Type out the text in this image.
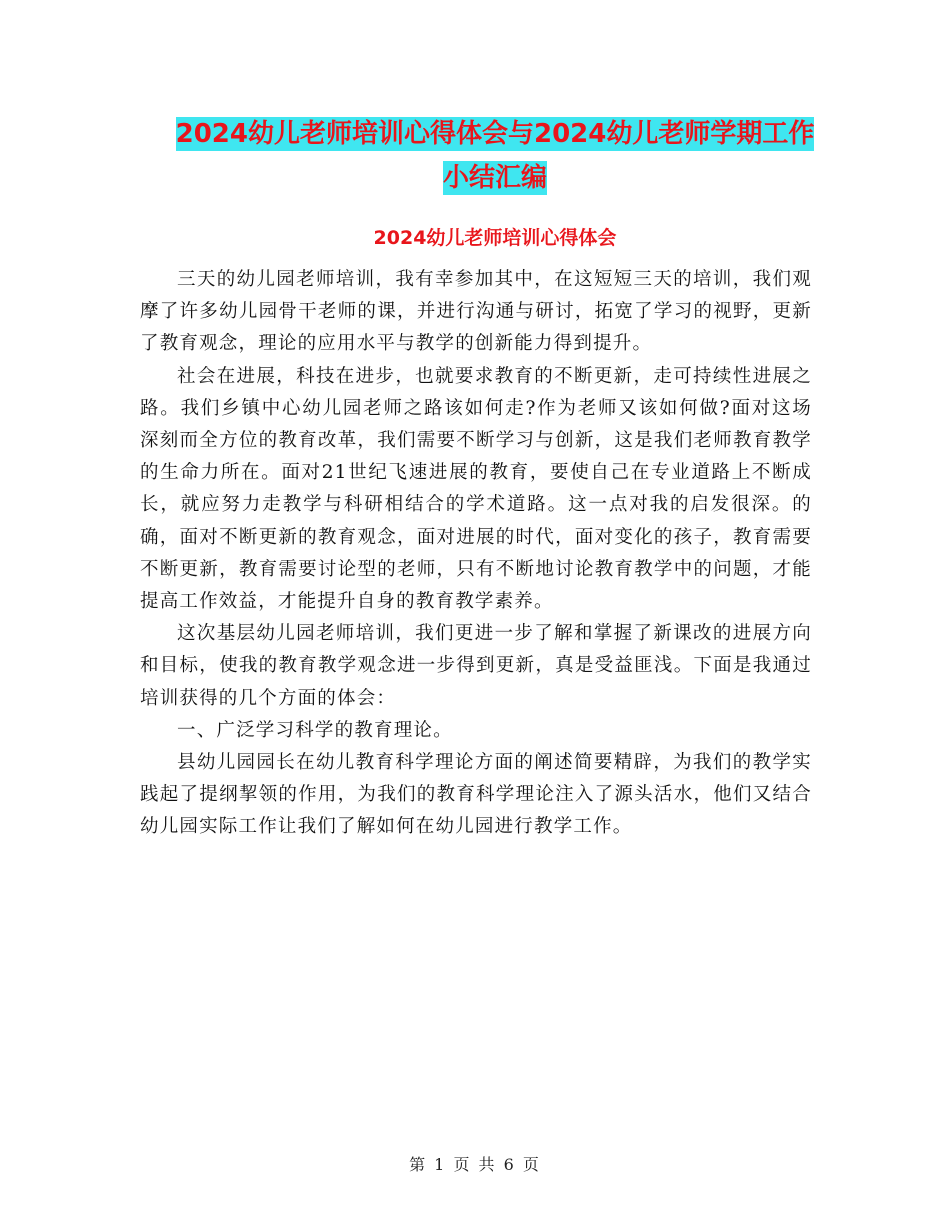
2024幼儿老师培训心得体会与2024幼儿老师学期工作
小结汇编
2024幼儿老师培训心得体会

三天的幼儿园老师培训，我有幸参加其中，在这短短三天的培训，我们观摩了许多幼儿园骨干老师的课，并进行沟通与研讨，拓宽了学习的视野，更新了教育观念，理论的应用水平与教学的创新能力得到提升。

社会在进展，科技在进步，也就要求教育的不断更新，走可持续性进展之路。我们乡镇中心幼儿园老师之路该如何走?作为老师又该如何做?面对这场深刻而全方位的教育改革，我们需要不断学习与创新，这是我们老师教育教学的生命力所在。面对21世纪飞速进展的教育，要使自己在专业道路上不断成长，就应努力走教学与科研相结合的学术道路。这一点对我的启发很深。的确，面对不断更新的教育观念，面对进展的时代，面对变化的孩子，教育需要不断更新，教育需要讨论型的老师，只有不断地讨论教育教学中的问题，才能提高工作效益，才能提升自身的教育教学素养。

这次基层幼儿园老师培训，我们更进一步了解和掌握了新课改的进展方向和目标，使我的教育教学观念进一步得到更新，真是受益匪浅。下面是我通过培训获得的几个方面的体会：

一、广泛学习科学的教育理论。

县幼儿园园长在幼儿教育科学理论方面的阐述简要精辟，为我们的教学实践起了提纲挈领的作用，为我们的教育科学理论注入了源头活水，他们又结合幼儿园实际工作让我们了解如何在幼儿园进行教学工作。

第 1 页 共 6 页
